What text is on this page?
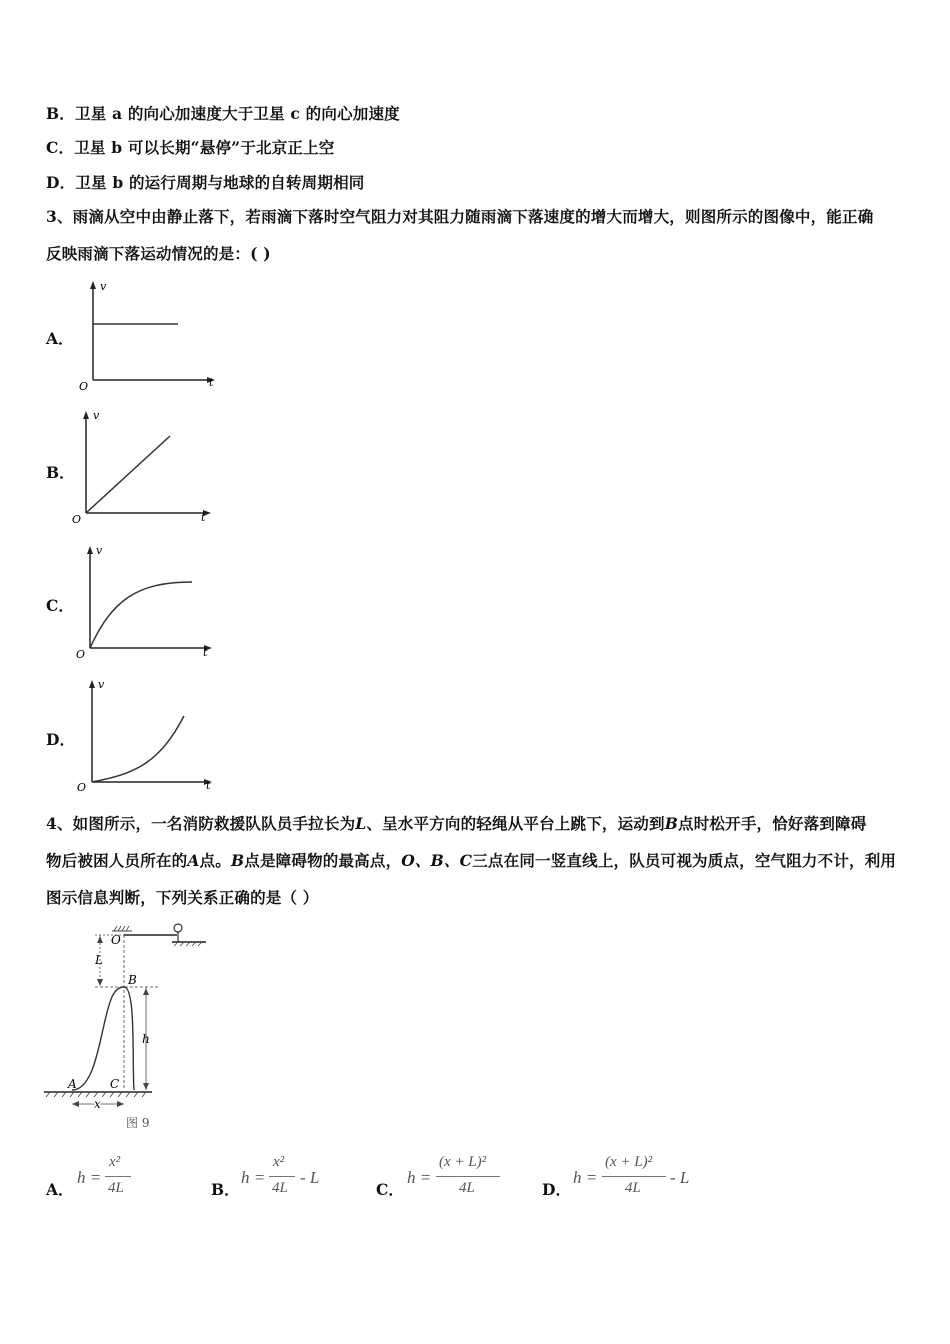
B．卫星 a 的向心加速度大于卫星 c 的向心加速度
C．卫星 b 可以长期“悬停”于北京正上空
D．卫星 b 的运行周期与地球的自转周期相同
3、雨滴从空中由静止落下，若雨滴下落时空气阻力对其阻力随雨滴下落速度的增大而增大，则图所示的图像中，能正确
反映雨滴下落运动情况的是：( )
A．
v
t
O
B．
v
t
O
C．
v
t
O
D．
v
t
O
4、如图所示，一名消防救援队队员手拉长为L、呈水平方向的轻绳从平台上跳下，运动到B点时松开手，恰好落到障碍
物后被困人员所在的A点。B点是障碍物的最高点，O、B、C三点在同一竖直线上，队员可视为质点，空气阻力不计，利用
图示信息判断，下列关系正确的是（ ）
O
L
B
h
A	C
x
图 9
A．
h =
x²
4L	B．
h =
x²
4L
- L
C．
h =
(x + L)²
4L	D．
h =
(x + L)²
4L
- L
